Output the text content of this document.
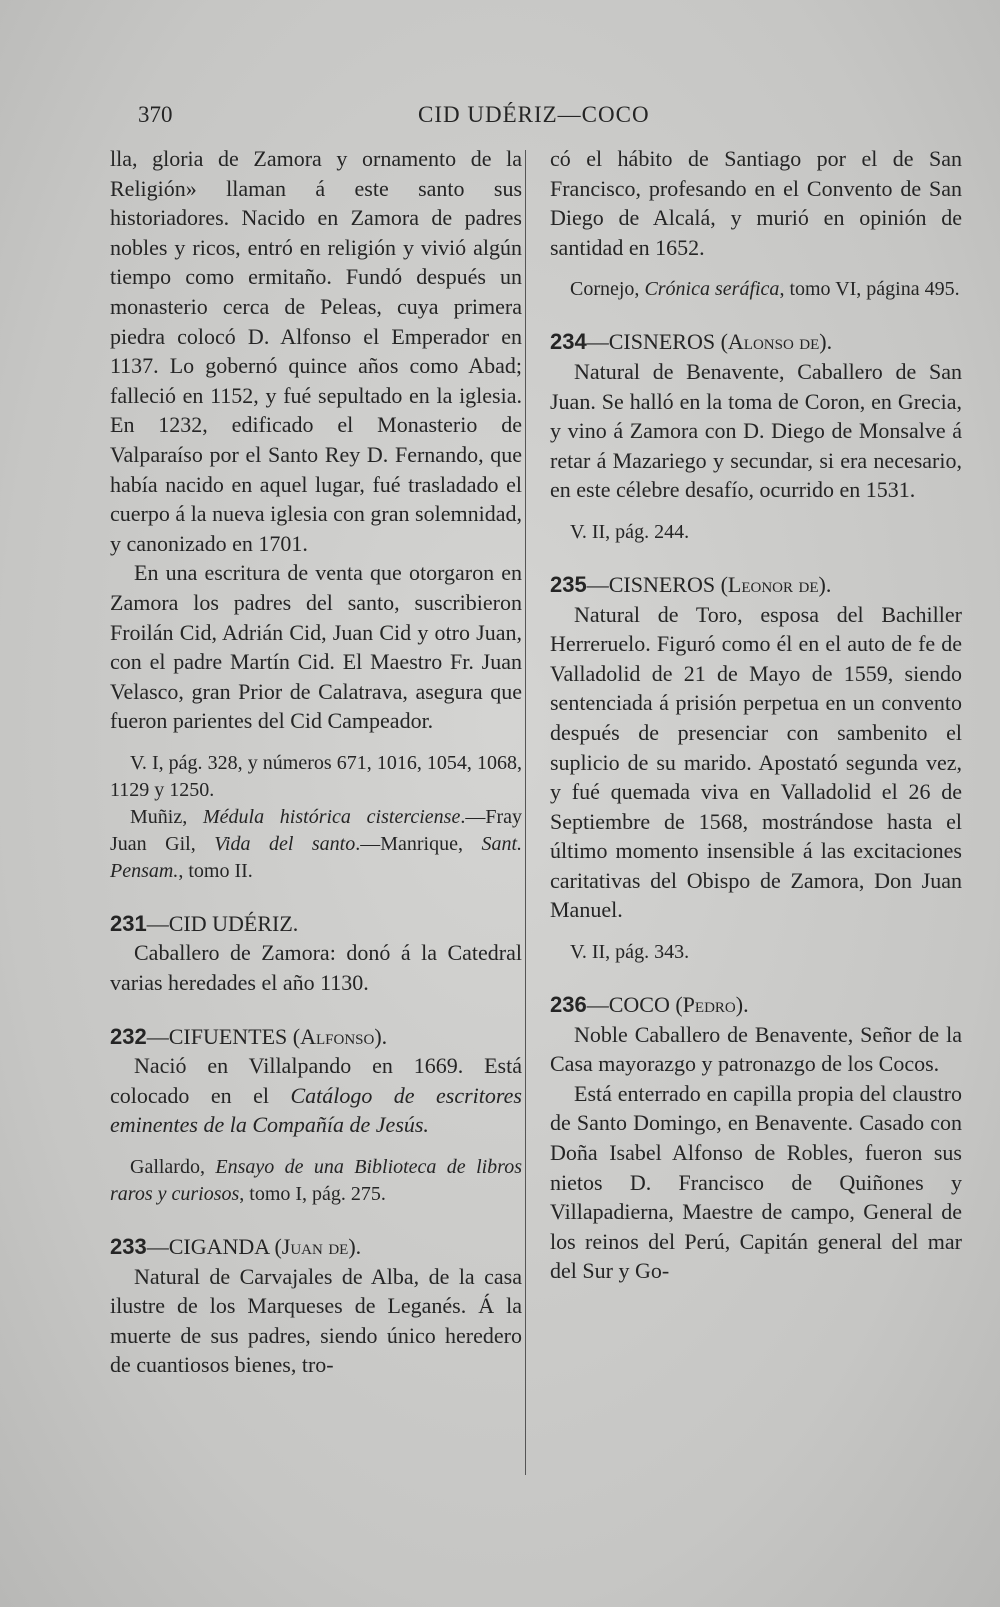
370	CID UDÉRIZ—COCO

lla, gloria de Zamora y ornamento de la Religión» llaman á este santo sus historiadores. Nacido en Zamora de padres nobles y ricos, entró en religión y vivió algún tiempo como ermitaño. Fundó después un monasterio cerca de Peleas, cuya primera piedra colocó D. Alfonso el Emperador en 1137. Lo gobernó quince años como Abad; falleció en 1152, y fué sepultado en la iglesia. En 1232, edificado el Monasterio de Valparaíso por el Santo Rey D. Fernando, que había nacido en aquel lugar, fué trasladado el cuerpo á la nueva iglesia con gran solemnidad, y canonizado en 1701.

En una escritura de venta que otorgaron en Zamora los padres del santo, suscribieron Froilán Cid, Adrián Cid, Juan Cid y otro Juan, con el padre Martín Cid. El Maestro Fr. Juan Velasco, gran Prior de Calatrava, asegura que fueron parientes del Cid Campeador.

V. I, pág. 328, y números 671, 1016, 1054, 1068, 1129 y 1250.

Muñiz, Médula histórica cisterciense.—Fray Juan Gil, Vida del santo.—Manrique, Sant. Pensam., tomo II.

231—CID UDÉRIZ.

Caballero de Zamora: donó á la Catedral varias heredades el año 1130.

232—CIFUENTES (Alfonso).

Nació en Villalpando en 1669. Está colocado en el Catálogo de escritores eminentes de la Compañía de Jesús.

Gallardo, Ensayo de una Biblioteca de libros raros y curiosos, tomo I, pág. 275.

233—CIGANDA (Juan de).

Natural de Carvajales de Alba, de la casa ilustre de los Marqueses de Leganés. Á la muerte de sus padres, siendo único heredero de cuantiosos bienes, tro-

có el hábito de Santiago por el de San Francisco, profesando en el Convento de San Diego de Alcalá, y murió en opinión de santidad en 1652.

Cornejo, Crónica seráfica, tomo VI, página 495.

234—CISNEROS (Alonso de).

Natural de Benavente, Caballero de San Juan. Se halló en la toma de Coron, en Grecia, y vino á Zamora con D. Diego de Monsalve á retar á Mazariego y secundar, si era necesario, en este célebre desafío, ocurrido en 1531.

V. II, pág. 244.

235—CISNEROS (Leonor de).

Natural de Toro, esposa del Bachiller Herreruelo. Figuró como él en el auto de fe de Valladolid de 21 de Mayo de 1559, siendo sentenciada á prisión perpetua en un convento después de presenciar con sambenito el suplicio de su marido. Apostató segunda vez, y fué quemada viva en Valladolid el 26 de Septiembre de 1568, mostrándose hasta el último momento insensible á las excitaciones caritativas del Obispo de Zamora, Don Juan Manuel.

V. II, pág. 343.

236—COCO (Pedro).

Noble Caballero de Benavente, Señor de la Casa mayorazgo y patronazgo de los Cocos.

Está enterrado en capilla propia del claustro de Santo Domingo, en Benavente. Casado con Doña Isabel Alfonso de Robles, fueron sus nietos D. Francisco de Quiñones y Villapadierna, Maestre de campo, General de los reinos del Perú, Capitán general del mar del Sur y Go-
